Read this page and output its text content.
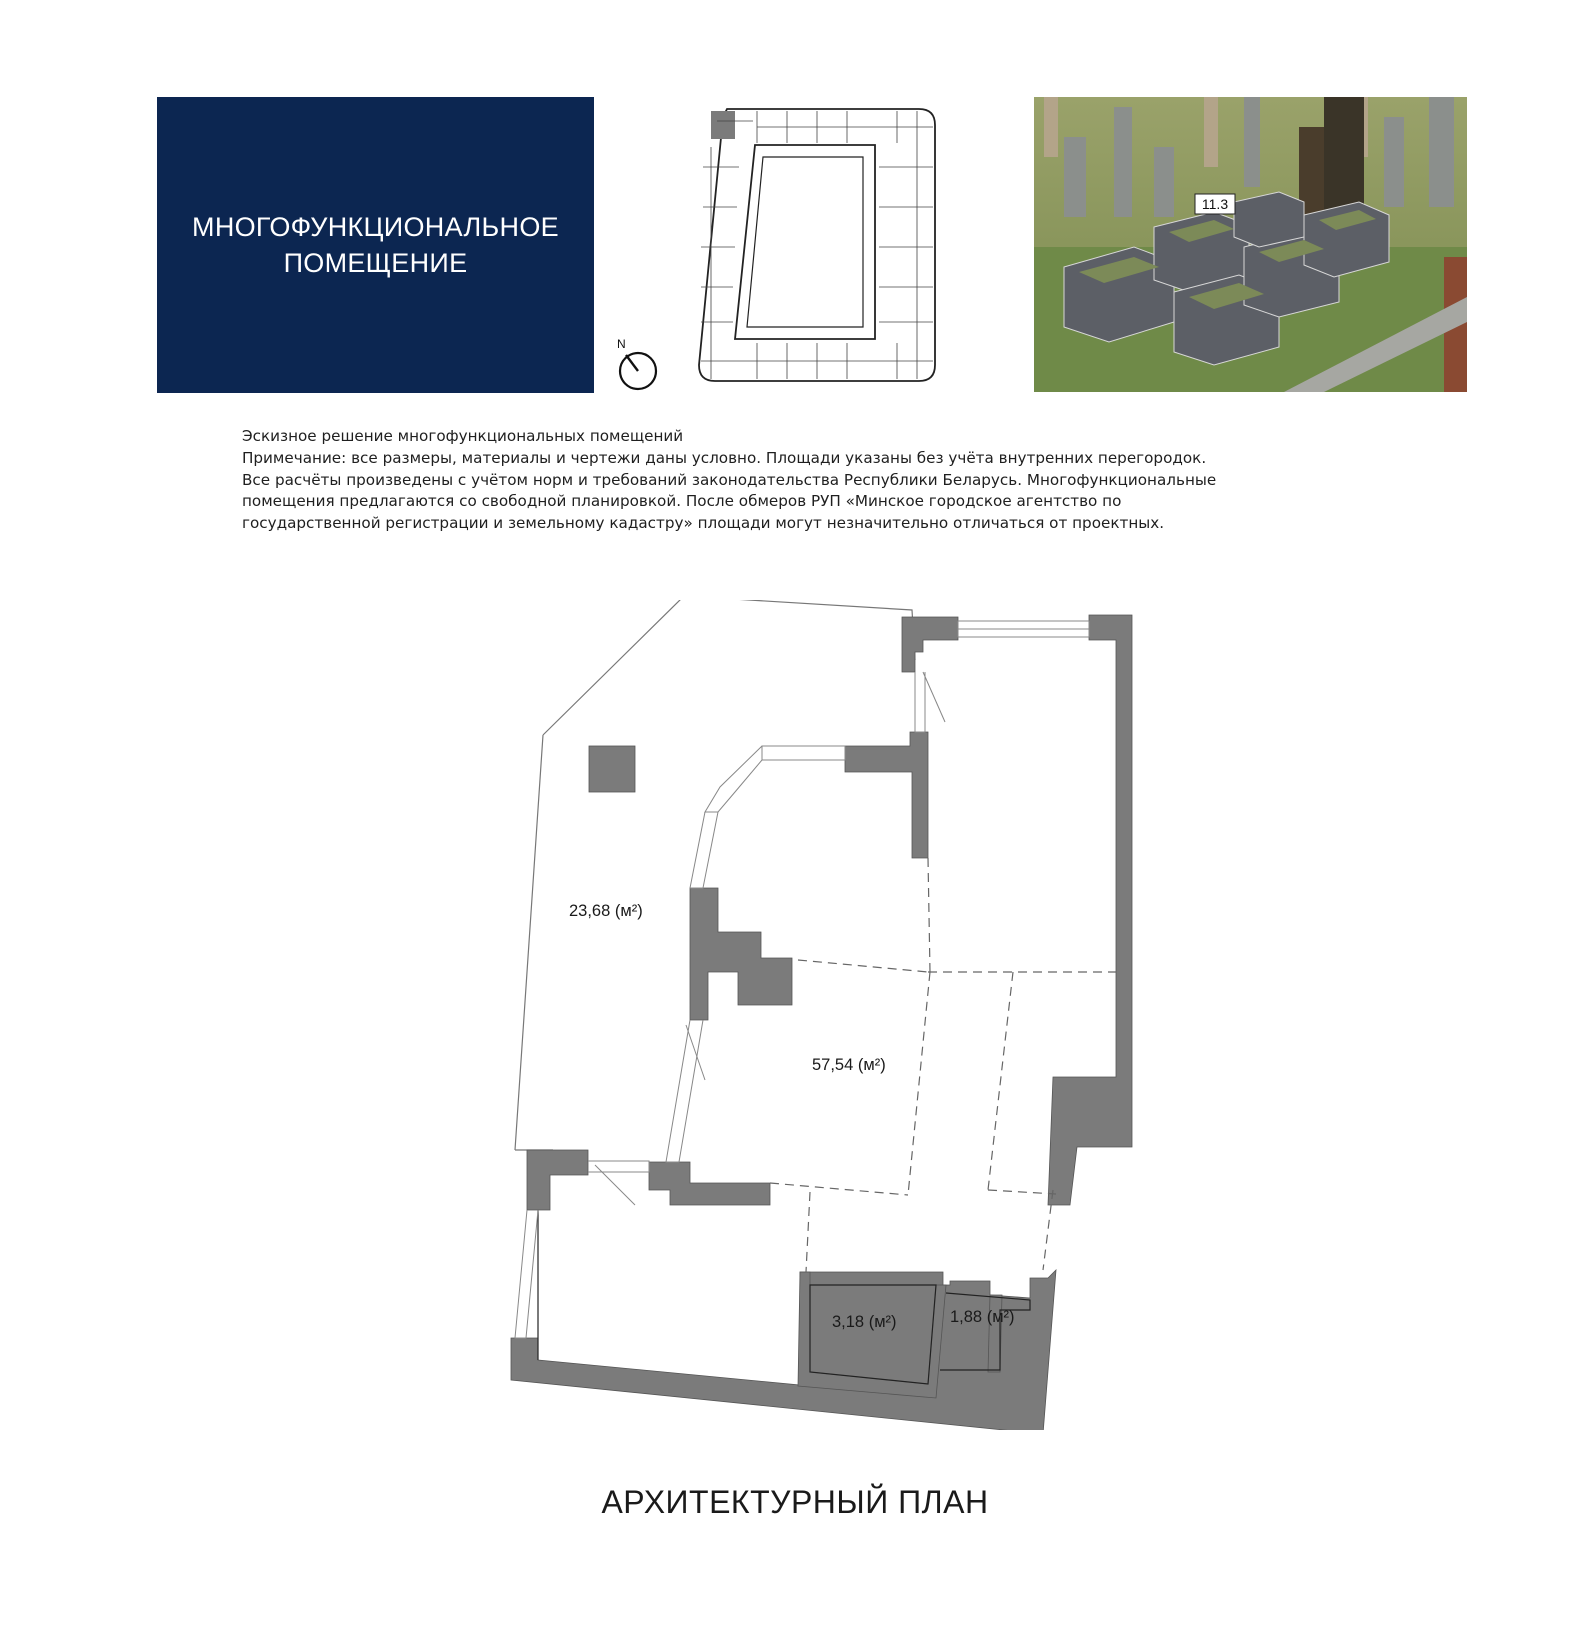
МНОГОФУНКЦИОНАЛЬНОЕ
ПОМЕЩЕНИЕ
N
11.3

Эскизное решение многофункциональных помещений

Примечание: все размеры, материалы и чертежи даны условно. Площади указаны без учёта внутренних перегородок.

Все расчёты произведены с учётом норм и требований законодательства Республики Беларусь. Многофункциональные

помещения предлагаются со свободной планировкой. После обмеров РУП «Минское городское агентство по

государственной регистрации и земельному кадастру» площади могут незначительно отличаться от проектных.

23,68 (м²)
57,54 (м²)
3,18 (м²)	1,88 (м²)
АРХИТЕКТУРНЫЙ ПЛАН
